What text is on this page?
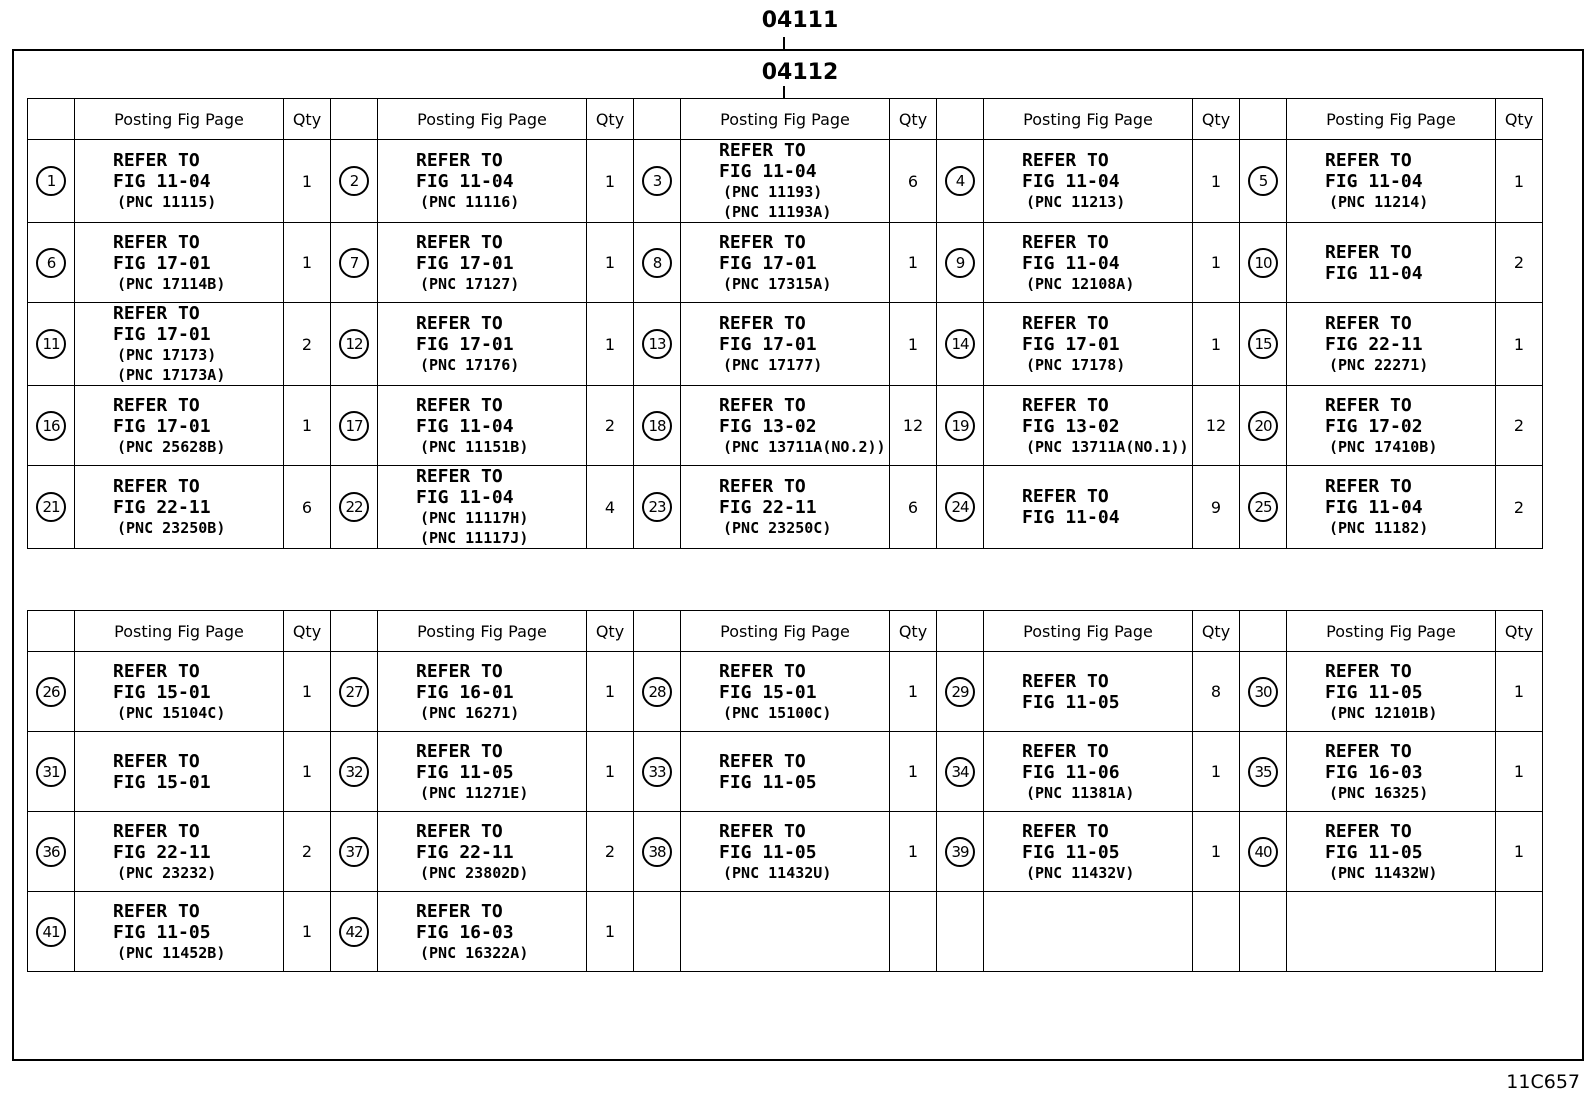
04111
04112
	Posting Fig Page	Qty		Posting Fig Page	Qty		Posting Fig Page	Qty		Posting Fig Page	Qty		Posting Fig Page	Qty
1	REFER TO
FIG 11-04
(PNC 11115)	1	2	REFER TO
FIG 11-04
(PNC 11116)	1	3	REFER TO
FIG 11-04
(PNC 11193)
(PNC 11193A)	6	4	REFER TO
FIG 11-04
(PNC 11213)	1	5	REFER TO
FIG 11-04
(PNC 11214)	1
6	REFER TO
FIG 17-01
(PNC 17114B)	1	7	REFER TO
FIG 17-01
(PNC 17127)	1	8	REFER TO
FIG 17-01
(PNC 17315A)	1	9	REFER TO
FIG 11-04
(PNC 12108A)	1	10	REFER TO
FIG 11-04	2
11	REFER TO
FIG 17-01
(PNC 17173)
(PNC 17173A)	2	12	REFER TO
FIG 17-01
(PNC 17176)	1	13	REFER TO
FIG 17-01
(PNC 17177)	1	14	REFER TO
FIG 17-01
(PNC 17178)	1	15	REFER TO
FIG 22-11
(PNC 22271)	1
16	REFER TO
FIG 17-01
(PNC 25628B)	1	17	REFER TO
FIG 11-04
(PNC 11151B)	2	18	REFER TO
FIG 13-02
(PNC 13711A(NO.2))	12	19	REFER TO
FIG 13-02
(PNC 13711A(NO.1))	12	20	REFER TO
FIG 17-02
(PNC 17410B)	2
21	REFER TO
FIG 22-11
(PNC 23250B)	6	22	REFER TO
FIG 11-04
(PNC 11117H)
(PNC 11117J)	4	23	REFER TO
FIG 22-11
(PNC 23250C)	6	24	REFER TO
FIG 11-04	9	25	REFER TO
FIG 11-04
(PNC 11182)	2
	Posting Fig Page	Qty		Posting Fig Page	Qty		Posting Fig Page	Qty		Posting Fig Page	Qty		Posting Fig Page	Qty
26	REFER TO
FIG 15-01
(PNC 15104C)	1	27	REFER TO
FIG 16-01
(PNC 16271)	1	28	REFER TO
FIG 15-01
(PNC 15100C)	1	29	REFER TO
FIG 11-05	8	30	REFER TO
FIG 11-05
(PNC 12101B)	1
31	REFER TO
FIG 15-01	1	32	REFER TO
FIG 11-05
(PNC 11271E)	1	33	REFER TO
FIG 11-05	1	34	REFER TO
FIG 11-06
(PNC 11381A)	1	35	REFER TO
FIG 16-03
(PNC 16325)	1
36	REFER TO
FIG 22-11
(PNC 23232)	2	37	REFER TO
FIG 22-11
(PNC 23802D)	2	38	REFER TO
FIG 11-05
(PNC 11432U)	1	39	REFER TO
FIG 11-05
(PNC 11432V)	1	40	REFER TO
FIG 11-05
(PNC 11432W)	1
41	REFER TO
FIG 11-05
(PNC 11452B)	1	42	REFER TO
FIG 16-03
(PNC 16322A)	1									
11C657
